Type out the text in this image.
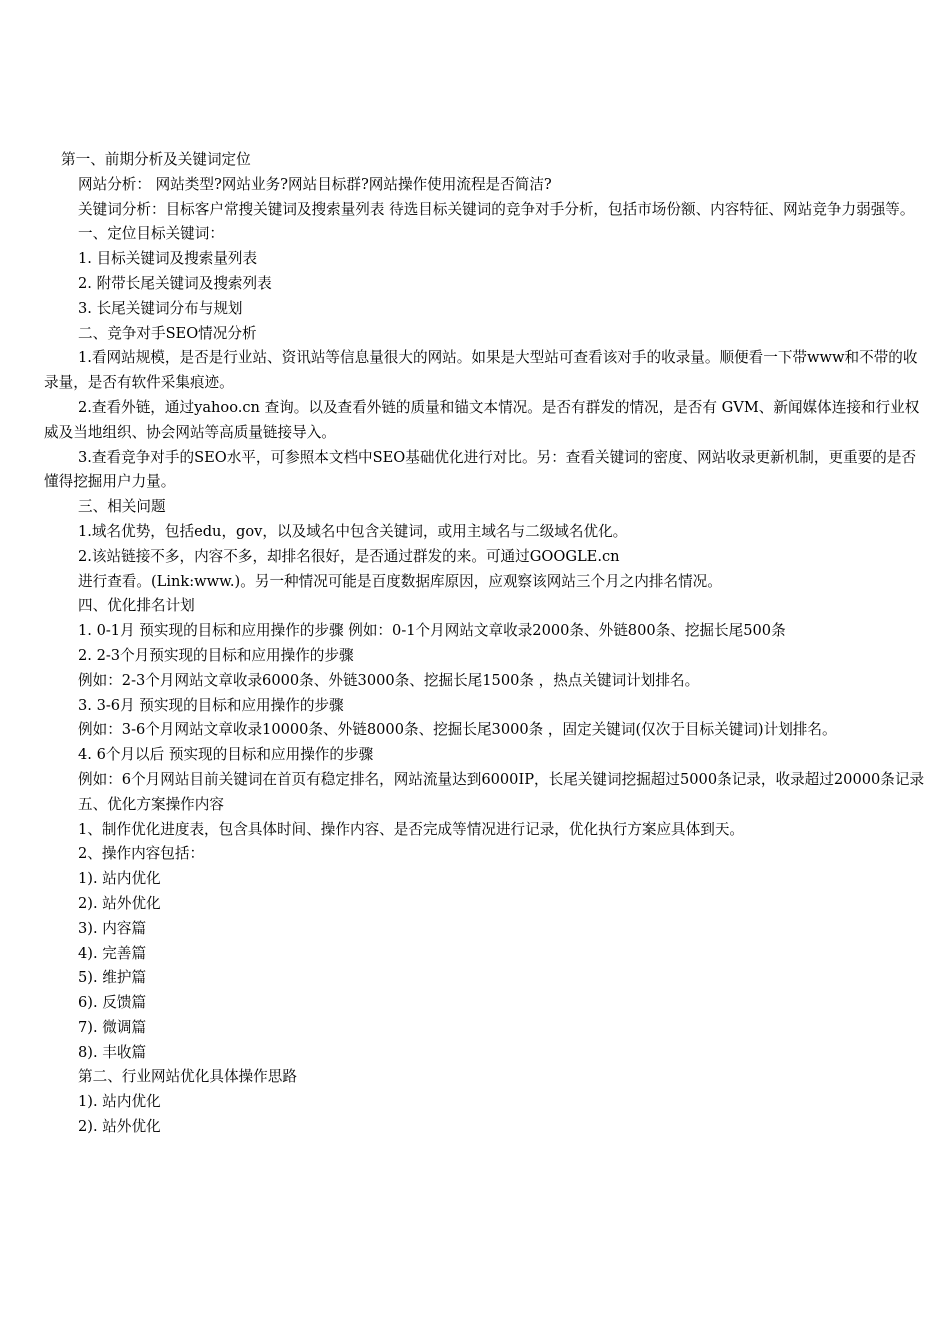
第一、前期分析及关键词定位
网站分析： 网站类型?网站业务?网站目标群?网站操作使用流程是否简洁?
关键词分析：目标客户常搜关键词及搜索量列表 待选目标关键词的竞争对手分析，包括市场份额、内容特征、网站竞争力弱强等。
一、定位目标关键词：
1. 目标关键词及搜索量列表
2. 附带长尾关键词及搜索列表
3. 长尾关键词分布与规划
二、竞争对手SEO情况分析
1.看网站规模，是否是行业站、资讯站等信息量很大的网站。如果是大型站可查看该对手的收录量。顺便看一下带www和不带的收录量，是否有软件采集痕迹。
2.查看外链，通过yahoo.cn 查询。以及查看外链的质量和锚文本情况。是否有群发的情况，是否有 GVM、新闻媒体连接和行业权威及当地组织、协会网站等高质量链接导入。
3.查看竞争对手的SEO水平，可参照本文档中SEO基础优化进行对比。另：查看关键词的密度、网站收录更新机制，更重要的是否懂得挖掘用户力量。
三、相关问题
1.域名优势，包括edu，gov，以及域名中包含关键词，或用主域名与二级域名优化。
2.该站链接不多，内容不多，却排名很好，是否通过群发的来。可通过GOOGLE.cn
进行查看。(Link:www.)。另一种情况可能是百度数据库原因，应观察该网站三个月之内排名情况。
四、优化排名计划
1. 0-1月 预实现的目标和应用操作的步骤 例如：0-1个月网站文章收录2000条、外链800条、挖掘长尾500条
2. 2-3个月预实现的目标和应用操作的步骤
例如：2-3个月网站文章收录6000条、外链3000条、挖掘长尾1500条 ，热点关键词计划排名。
3. 3-6月 预实现的目标和应用操作的步骤
例如：3-6个月网站文章收录10000条、外链8000条、挖掘长尾3000条 ，固定关键词(仅次于目标关键词)计划排名。
4. 6个月以后 预实现的目标和应用操作的步骤
例如：6个月网站目前关键词在首页有稳定排名，网站流量达到6000IP，长尾关键词挖掘超过5000条记录，收录超过20000条记录
五、优化方案操作内容
1、制作优化进度表，包含具体时间、操作内容、是否完成等情况进行记录，优化执行方案应具体到天。
2、操作内容包括：
1). 站内优化
2). 站外优化
3). 内容篇
4). 完善篇
5). 维护篇
6). 反馈篇
7). 微调篇
8). 丰收篇
第二、行业网站优化具体操作思路
1). 站内优化
2). 站外优化
